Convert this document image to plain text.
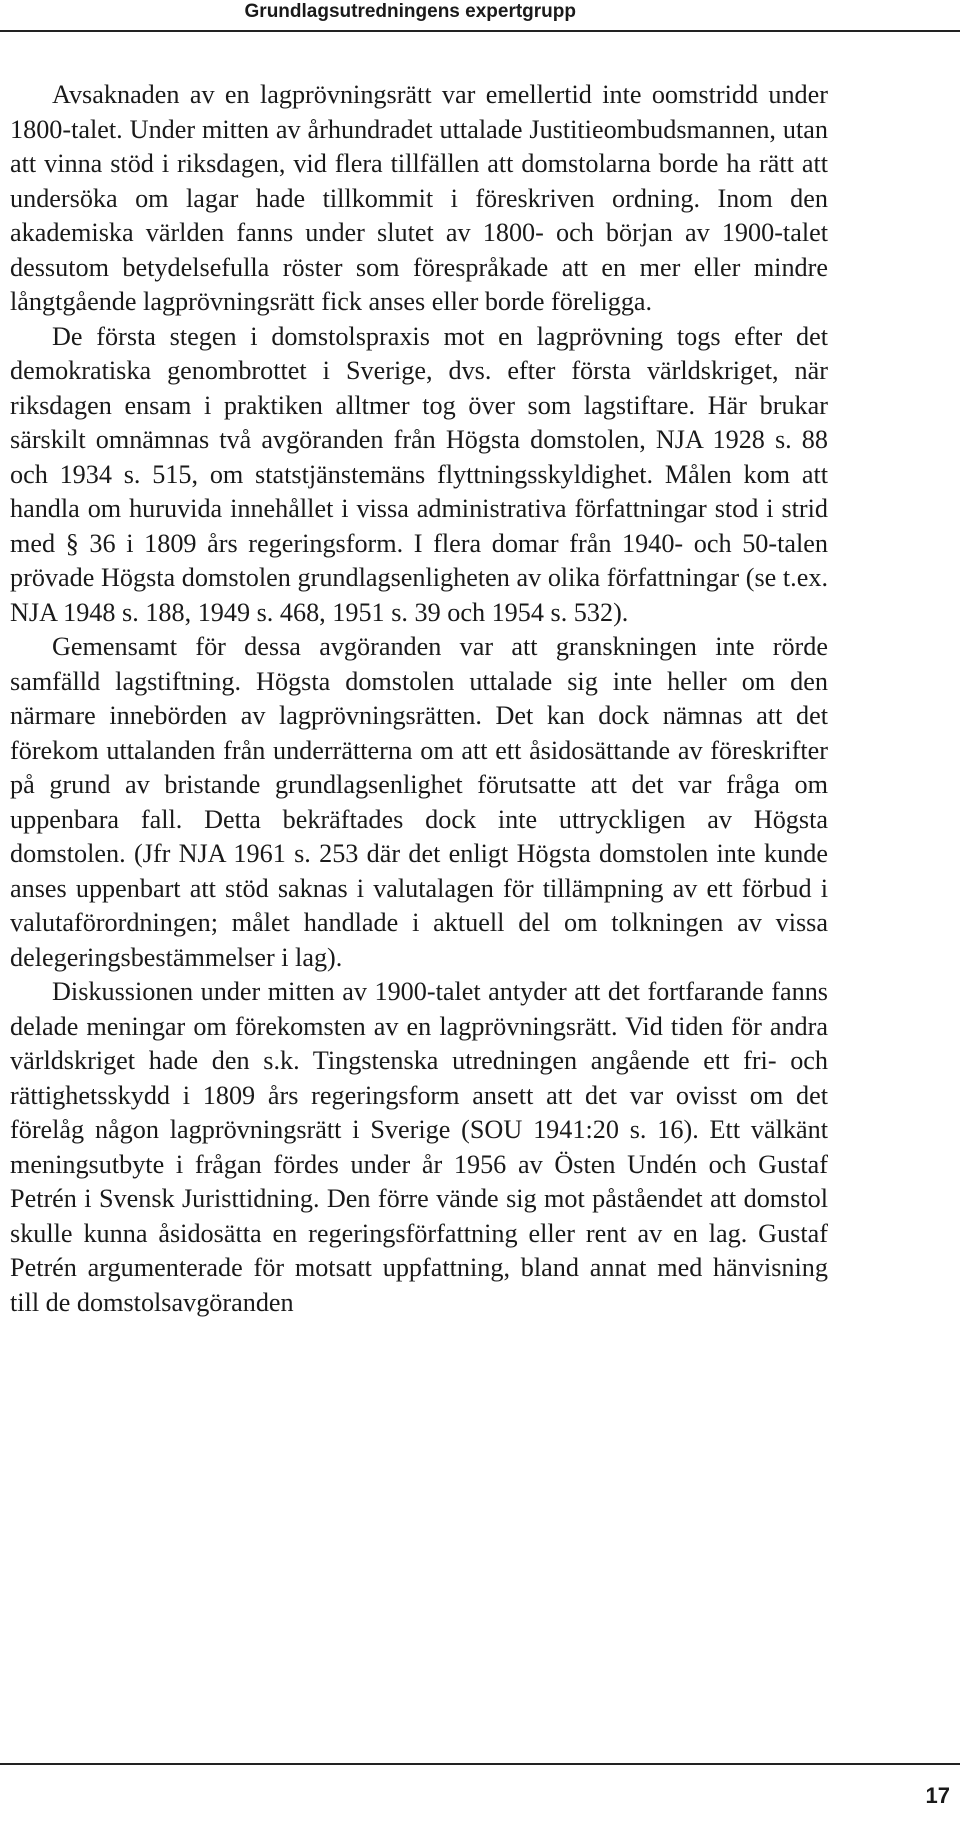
Grundlagsutredningens expertgrupp

Avsaknaden av en lagprövningsrätt var emellertid inte oomstridd under 1800-talet. Under mitten av århundradet uttalade Justitieombudsmannen, utan att vinna stöd i riksdagen, vid flera tillfällen att domstolarna borde ha rätt att undersöka om lagar hade tillkommit i föreskriven ordning. Inom den akademiska världen fanns under slutet av 1800- och början av 1900-talet dessutom betydelsefulla röster som förespråkade att en mer eller mindre långtgående lagprövningsrätt fick anses eller borde föreligga.

De första stegen i domstolspraxis mot en lagprövning togs efter det demokratiska genombrottet i Sverige, dvs. efter första världskriget, när riksdagen ensam i praktiken alltmer tog över som lagstiftare. Här brukar särskilt omnämnas två avgöranden från Högsta domstolen, NJA 1928 s. 88 och 1934 s. 515, om statstjänstemäns flyttningsskyldighet. Målen kom att handla om huruvida innehållet i vissa administrativa författningar stod i strid med § 36 i 1809 års regeringsform. I flera domar från 1940- och 50-talen prövade Högsta domstolen grundlagsenligheten av olika författningar (se t.ex. NJA 1948 s. 188, 1949 s. 468, 1951 s. 39 och 1954 s. 532).

Gemensamt för dessa avgöranden var att granskningen inte rörde samfälld lagstiftning. Högsta domstolen uttalade sig inte heller om den närmare innebörden av lagprövningsrätten. Det kan dock nämnas att det förekom uttalanden från underrätterna om att ett åsidosättande av föreskrifter på grund av bristande grundlagsenlighet förutsatte att det var fråga om uppenbara fall. Detta bekräftades dock inte uttryckligen av Högsta domstolen. (Jfr NJA 1961 s. 253 där det enligt Högsta domstolen inte kunde anses uppenbart att stöd saknas i valutalagen för tillämpning av ett förbud i valutaförordningen; målet handlade i aktuell del om tolkningen av vissa delegeringsbestämmelser i lag).

Diskussionen under mitten av 1900-talet antyder att det fortfarande fanns delade meningar om förekomsten av en lagprövningsrätt. Vid tiden för andra världskriget hade den s.k. Tingstenska utredningen angående ett fri- och rättighetsskydd i 1809 års regeringsform ansett att det var ovisst om det förelåg någon lagprövningsrätt i Sverige (SOU 1941:20 s. 16). Ett välkänt meningsutbyte i frågan fördes under år 1956 av Östen Undén och Gustaf Petrén i Svensk Juristtidning. Den förre vände sig mot påståendet att domstol skulle kunna åsidosätta en regeringsförfattning eller rent av en lag. Gustaf Petrén argumenterade för motsatt uppfattning, bland annat med hänvisning till de domstolsavgöranden

17
